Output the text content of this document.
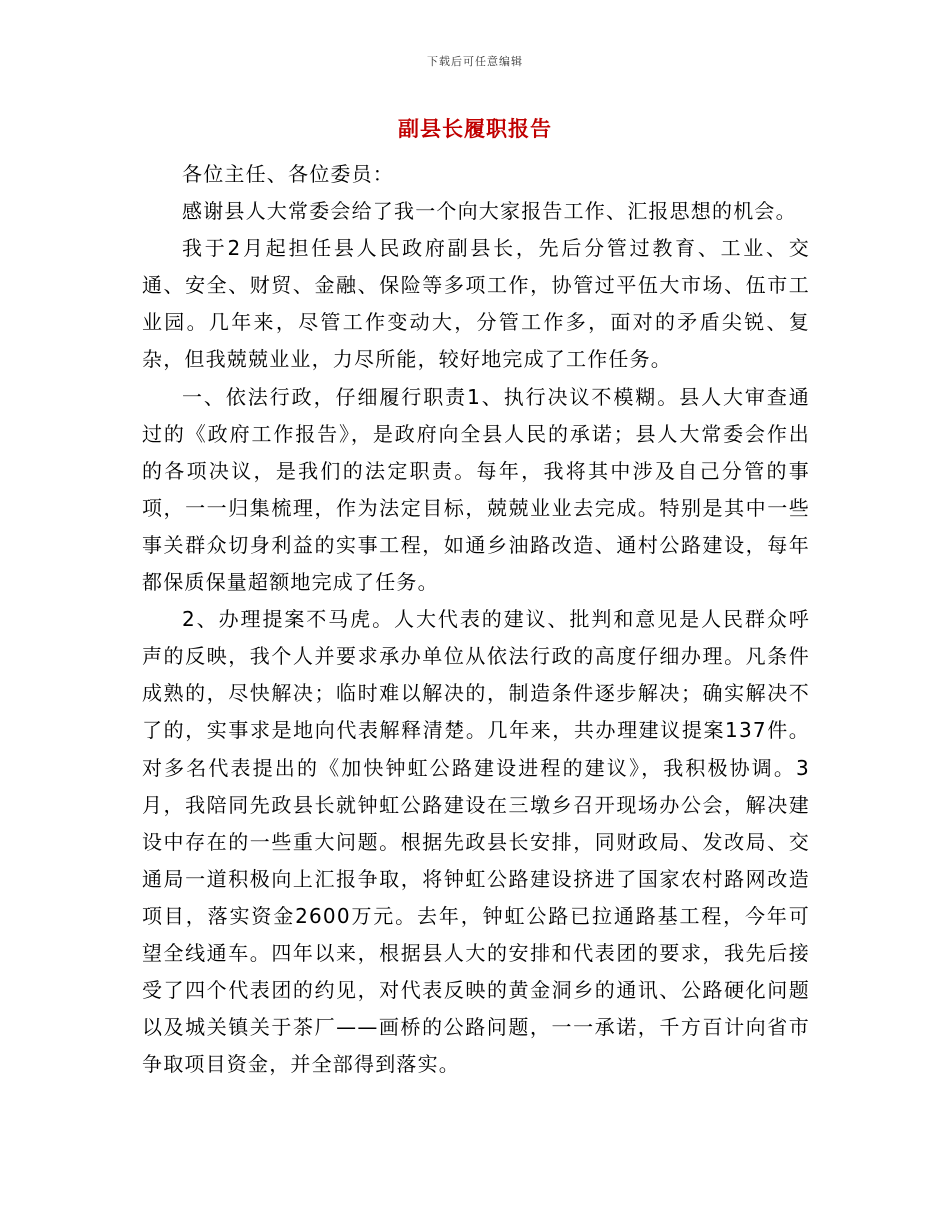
下载后可任意编辑
副县长履职报告

各位主任、各位委员：

感谢县人大常委会给了我一个向大家报告工作、汇报思想的机会。

我于2月起担任县人民政府副县长，先后分管过教育、工业、交通、安全、财贸、金融、保险等多项工作，协管过平伍大市场、伍市工业园。几年来，尽管工作变动大，分管工作多，面对的矛盾尖锐、复杂，但我兢兢业业，力尽所能，较好地完成了工作任务。

一、依法行政，仔细履行职责1、执行决议不模糊。县人大审查通过的《政府工作报告》，是政府向全县人民的承诺；县人大常委会作出的各项决议，是我们的法定职责。每年，我将其中涉及自己分管的事项，一一归集梳理，作为法定目标，兢兢业业去完成。特别是其中一些事关群众切身利益的实事工程，如通乡油路改造、通村公路建设，每年都保质保量超额地完成了任务。

2、办理提案不马虎。人大代表的建议、批判和意见是人民群众呼声的反映，我个人并要求承办单位从依法行政的高度仔细办理。凡条件成熟的，尽快解决；临时难以解决的，制造条件逐步解决；确实解决不了的，实事求是地向代表解释清楚。几年来，共办理建议提案137件。对多名代表提出的《加快钟虹公路建设进程的建议》，我积极协调。3月，我陪同先政县长就钟虹公路建设在三墩乡召开现场办公会，解决建设中存在的一些重大问题。根据先政县长安排，同财政局、发改局、交通局一道积极向上汇报争取，将钟虹公路建设挤进了国家农村路网改造项目，落实资金2600万元。去年，钟虹公路已拉通路基工程，今年可望全线通车。四年以来，根据县人大的安排和代表团的要求，我先后接受了四个代表团的约见，对代表反映的黄金洞乡的通讯、公路硬化问题以及城关镇关于茶厂——画桥的公路问题，一一承诺，千方百计向省市争取项目资金，并全部得到落实。
